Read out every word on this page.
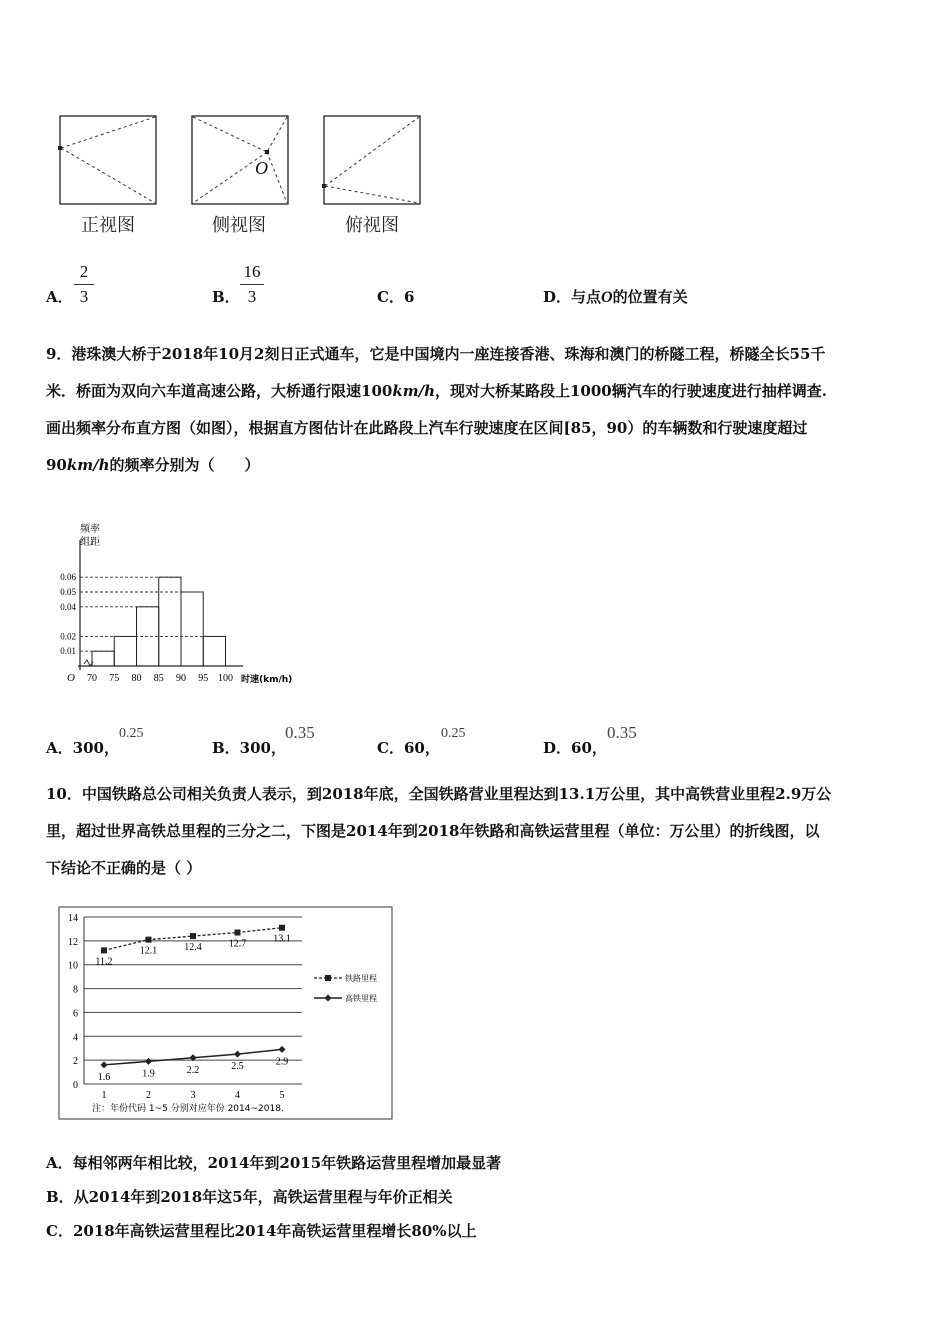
O
正视图	侧视图	俯视图
A．
2
3	B．
16
3	C．6	D．与点O的位置有关
9．港珠澳大桥于2018年10月2刻日正式通车，它是中国境内一座连接香港、珠海和澳门的桥隧工程，桥隧全长55千
米．桥面为双向六车道高速公路，大桥通行限速100km/h，现对大桥某路段上1000辆汽车的行驶速度进行抽样调查.
画出频率分布直方图（如图），根据直方图估计在此路段上汽车行驶速度在区间[85，90）的车辆数和行驶速度超过
90km/h的频率分别为（　　）
频率
组距
O	时速(km/h)
0.01
0.02
0.04
0.05
0.06
70 75 80 85 90 95 100
A．300，
0.25
B．300，
0.35
C．60，
0.25
D．60，
0.35
10．中国铁路总公司相关负责人表示，到2018年底，全国铁路营业里程达到13.1万公里，其中高铁营业里程2.9万公
里，超过世界高铁总里程的三分之二，下图是2014年到2018年铁路和高铁运营里程（单位：万公里）的折线图，以
下结论不正确的是（ ）
0
2
4
6
8
10
12
14
1	2	3	4	5
11.2
12.1	12.4	12.7	13.1
1.6	1.9	2.2	2.5	2.9
铁路里程
高铁里程
注：年份代码 1~5 分别对应年份 2014~2018.
A．每相邻两年相比较，2014年到2015年铁路运营里程增加最显著
B．从2014年到2018年这5年，高铁运营里程与年价正相关
C．2018年高铁运营里程比2014年高铁运营里程增长80%以上
